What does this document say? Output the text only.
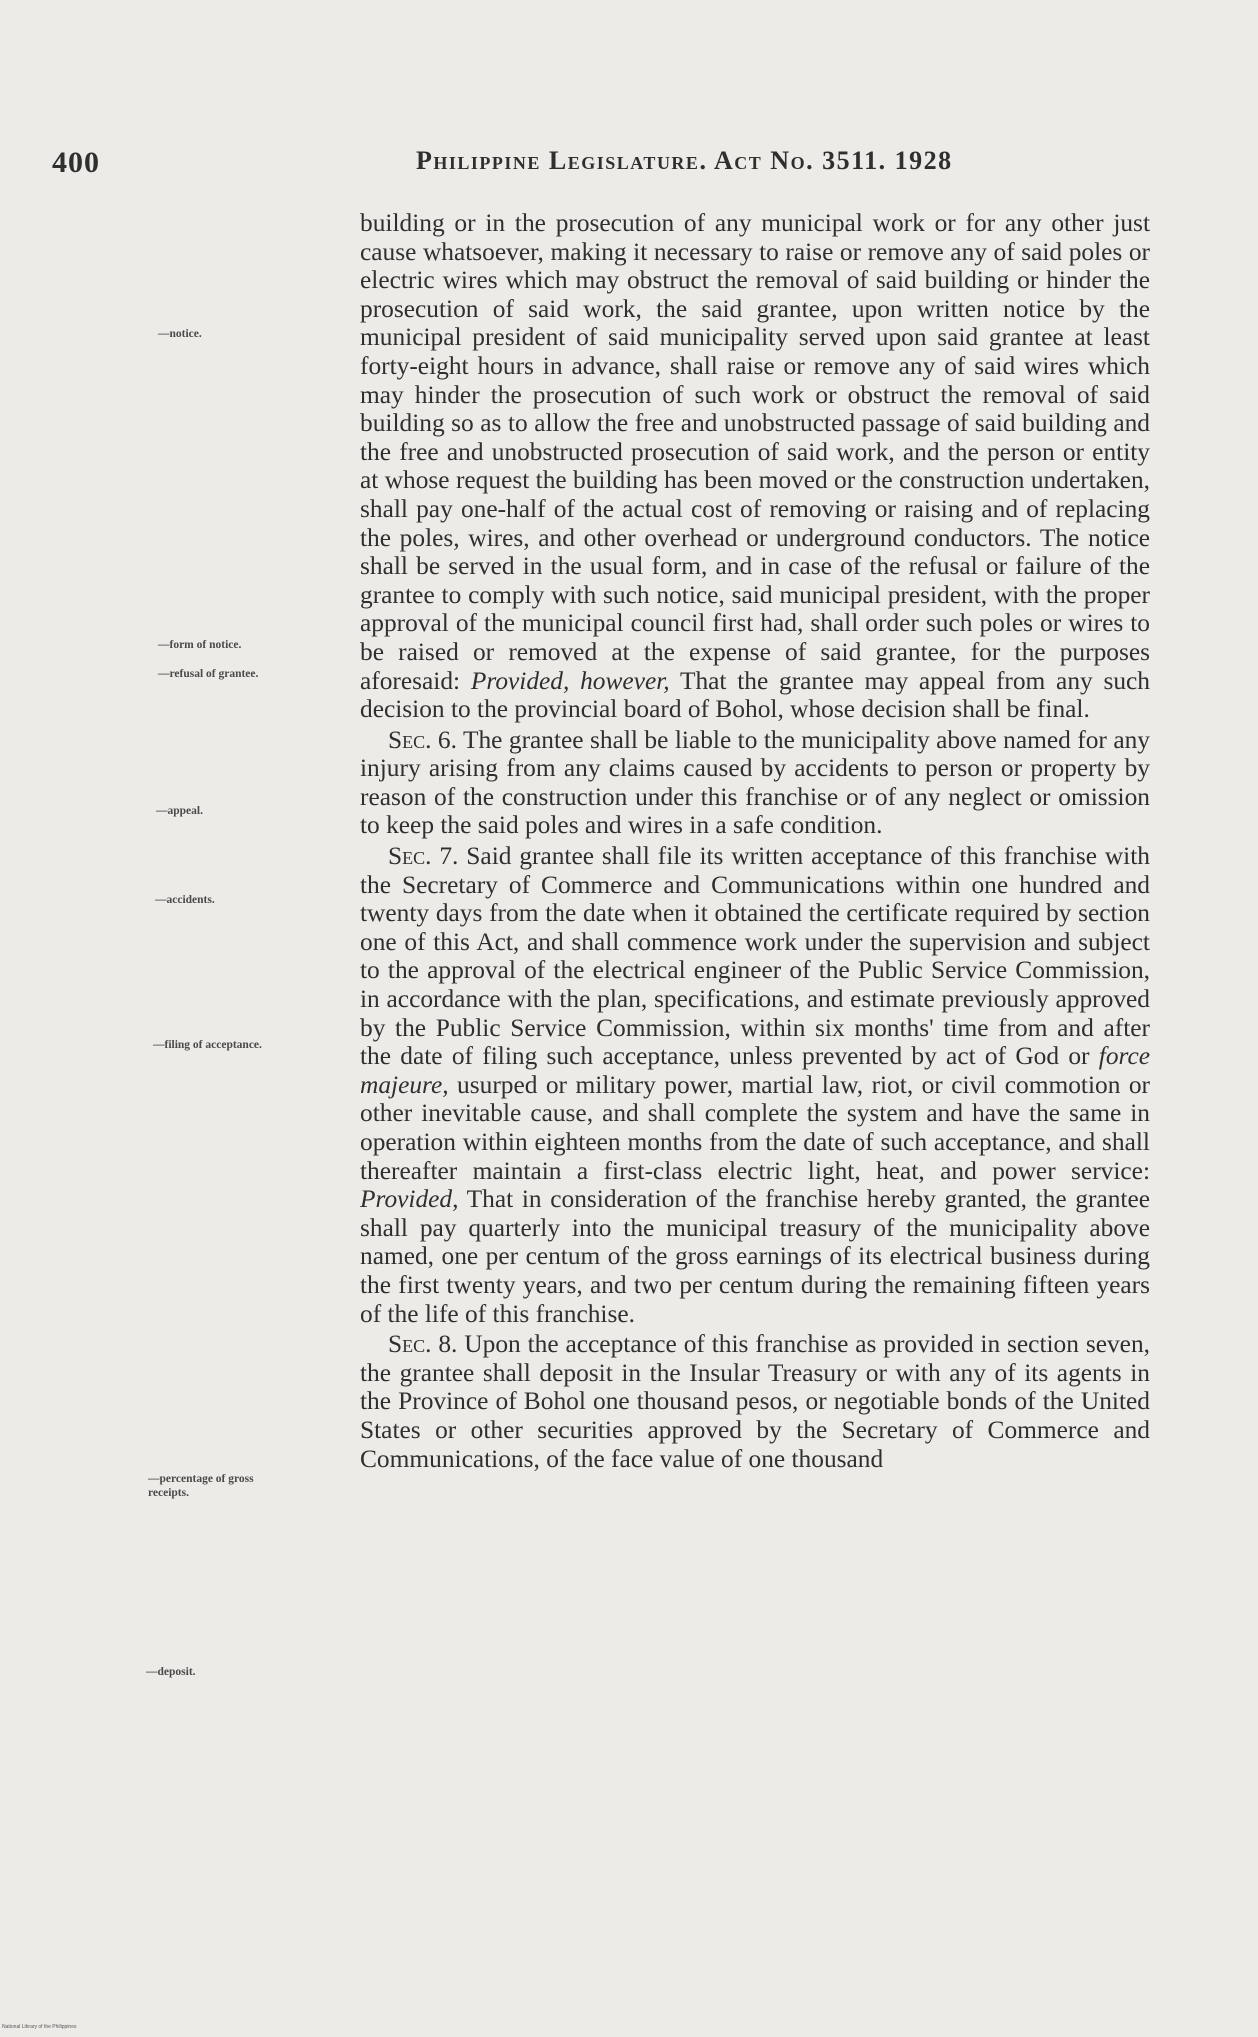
400	Philippine Legislature. Act No. 3511. 1928
—notice.
—form of notice.
—refusal of grantee.
—appeal.
—accidents.
—filing of acceptance.
—percentage of gross
receipts.
—deposit.

building or in the prosecution of any municipal work or for any other just cause whatsoever, making it necessary to raise or remove any of said poles or electric wires which may obstruct the removal of said building or hinder the prosecution of said work, the said grantee, upon written notice by the municipal president of said municipality served upon said grantee at least forty-eight hours in advance, shall raise or remove any of said wires which may hinder the prosecution of such work or obstruct the removal of said building so as to allow the free and unobstructed passage of said building and the free and unobstructed prosecution of said work, and the person or entity at whose request the building has been moved or the construction undertaken, shall pay one-half of the actual cost of removing or raising and of replacing the poles, wires, and other overhead or underground conductors. The notice shall be served in the usual form, and in case of the refusal or failure of the grantee to comply with such notice, said municipal president, with the proper approval of the municipal council first had, shall order such poles or wires to be raised or removed at the expense of said grantee, for the purposes aforesaid: Provided, however, That the grantee may appeal from any such decision to the provincial board of Bohol, whose decision shall be final.

Sec. 6. The grantee shall be liable to the municipality above named for any injury arising from any claims caused by accidents to person or property by reason of the construction under this franchise or of any neglect or omission to keep the said poles and wires in a safe condition.

Sec. 7. Said grantee shall file its written acceptance of this franchise with the Secretary of Commerce and Communications within one hundred and twenty days from the date when it obtained the certificate required by section one of this Act, and shall commence work under the supervision and subject to the approval of the electrical engineer of the Public Service Commission, in accordance with the plan, specifications, and estimate previously approved by the Public Service Commission, within six months' time from and after the date of filing such acceptance, unless prevented by act of God or force majeure, usurped or military power, martial law, riot, or civil commotion or other inevitable cause, and shall complete the system and have the same in operation within eighteen months from the date of such acceptance, and shall thereafter maintain a first-class electric light, heat, and power service: Provided, That in consideration of the franchise hereby granted, the grantee shall pay quarterly into the municipal treasury of the municipality above named, one per centum of the gross earnings of its electrical business during the first twenty years, and two per centum during the remaining fifteen years of the life of this franchise.

Sec. 8. Upon the acceptance of this franchise as provided in section seven, the grantee shall deposit in the Insular Treasury or with any of its agents in the Province of Bohol one thousand pesos, or negotiable bonds of the United States or other securities approved by the Secretary of Commerce and Communications, of the face value of one thousand

National Library of the Philippines
